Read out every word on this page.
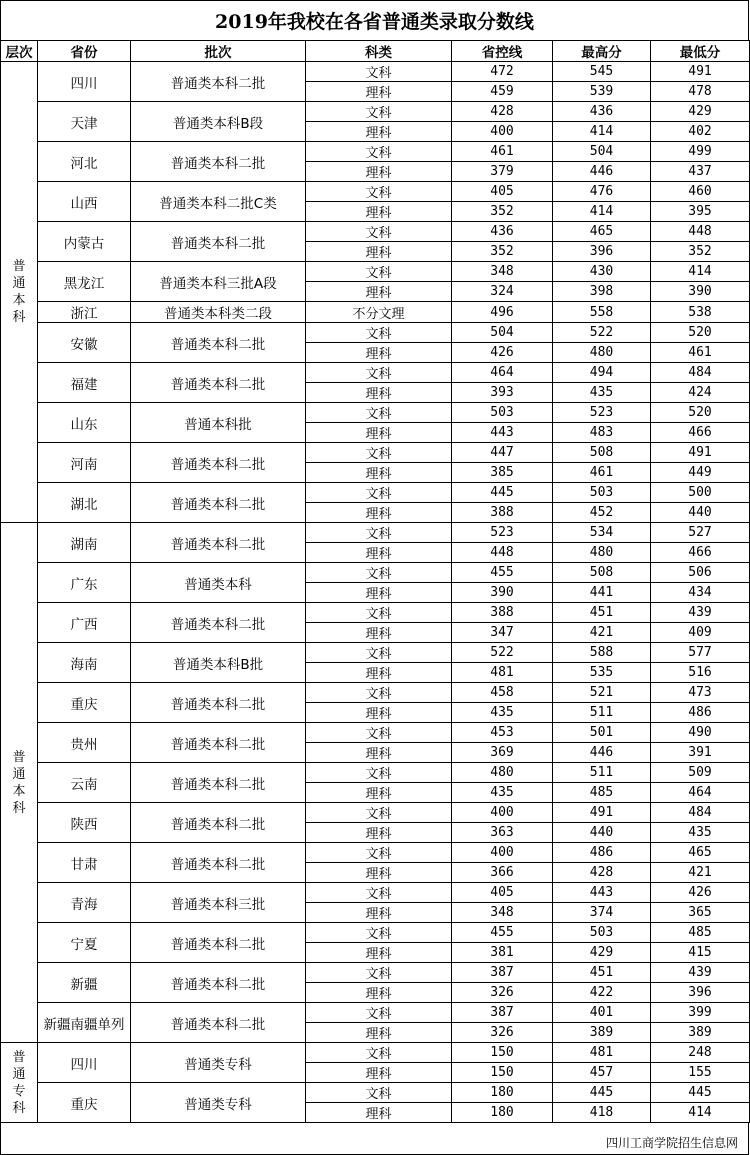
2019年我校在各省普通类录取分数线
层次	省份	批次	科类	省控线	最高分	最低分

普通本科	四川	普通类本科二批	文科	472	545	491
			理科	459	539	478
	天津	普通类本科B段	文科	428	436	429
			理科	400	414	402
	河北	普通类本科二批	文科	461	504	499
			理科	379	446	437
	山西	普通类本科二批C类	文科	405	476	460
			理科	352	414	395
	内蒙古	普通类本科二批	文科	436	465	448
			理科	352	396	352
	黑龙江	普通类本科三批A段	文科	348	430	414
			理科	324	398	390
	浙江	普通类本科类二段	不分文理	496	558	538
	安徽	普通类本科二批	文科	504	522	520
			理科	426	480	461
	福建	普通类本科二批	文科	464	494	484
			理科	393	435	424
	山东	普通本科批	文科	503	523	520
			理科	443	483	466
	河南	普通类本科二批	文科	447	508	491
			理科	385	461	449
	湖北	普通类本科二批	文科	445	503	500
			理科	388	452	440

普通本科	湖南	普通类本科二批	文科	523	534	527
			理科	448	480	466
	广东	普通类本科	文科	455	508	506
			理科	390	441	434
	广西	普通类本科二批	文科	388	451	439
			理科	347	421	409
	海南	普通类本科B批	文科	522	588	577
			理科	481	535	516
	重庆	普通类本科二批	文科	458	521	473
			理科	435	511	486
	贵州	普通类本科二批	文科	453	501	490
			理科	369	446	391
	云南	普通类本科二批	文科	480	511	509
			理科	435	485	464
	陕西	普通类本科二批	文科	400	491	484
			理科	363	440	435
	甘肃	普通类本科二批	文科	400	486	465
			理科	366	428	421
	青海	普通类本科三批	文科	405	443	426
			理科	348	374	365
	宁夏	普通类本科二批	文科	455	503	485
			理科	381	429	415
	新疆	普通类本科二批	文科	387	451	439
			理科	326	422	396
	新疆南疆单列	普通类本科二批	文科	387	401	399
			理科	326	389	389

普通专科	四川	普通类专科	文科	150	481	248
			理科	150	457	155
	重庆	普通类专科	文科	180	445	445
			理科	180	418	414
四川工商学院招生信息网
